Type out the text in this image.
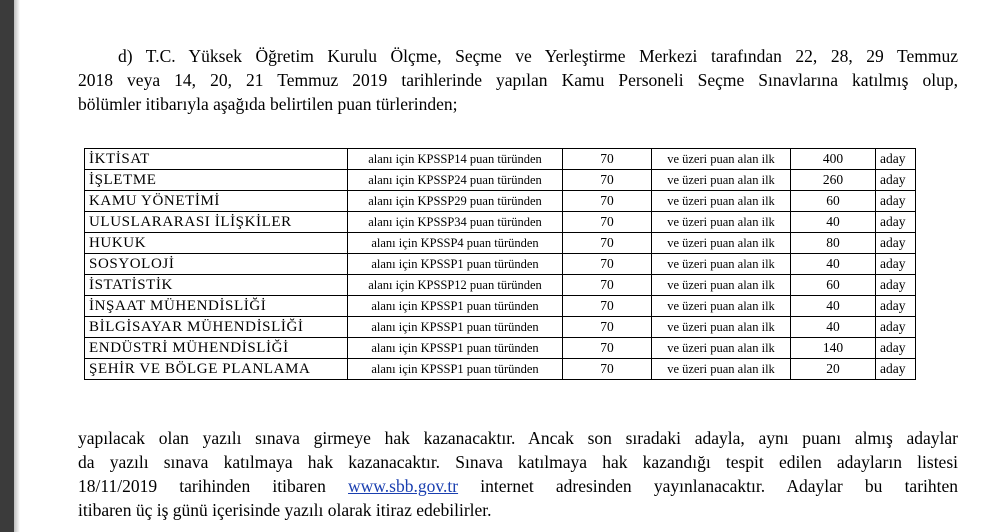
d) T.C. Yüksek Öğretim Kurulu Ölçme, Seçme ve Yerleştirme Merkezi tarafından 22, 28, 29 Temmuz
2018 veya 14, 20, 21 Temmuz 2019 tarihlerinde yapılan Kamu Personeli Seçme Sınavlarına katılmış olup,
bölümler itibarıyla aşağıda belirtilen puan türlerinden;
İKTİSAT	alanı için KPSSP14 puan türünden	70	ve üzeri puan alan ilk	400	aday
İŞLETME	alanı için KPSSP24 puan türünden	70	ve üzeri puan alan ilk	260	aday
KAMU YÖNETİMİ	alanı için KPSSP29 puan türünden	70	ve üzeri puan alan ilk	60	aday
ULUSLARARASI İLİŞKİLER	alanı için KPSSP34 puan türünden	70	ve üzeri puan alan ilk	40	aday
HUKUK	alanı için KPSSP4 puan türünden	70	ve üzeri puan alan ilk	80	aday
SOSYOLOJİ	alanı için KPSSP1 puan türünden	70	ve üzeri puan alan ilk	40	aday
İSTATİSTİK	alanı için KPSSP12 puan türünden	70	ve üzeri puan alan ilk	60	aday
İNŞAAT MÜHENDİSLİĞİ	alanı için KPSSP1 puan türünden	70	ve üzeri puan alan ilk	40	aday
BİLGİSAYAR MÜHENDİSLİĞİ	alanı için KPSSP1 puan türünden	70	ve üzeri puan alan ilk	40	aday
ENDÜSTRİ MÜHENDİSLİĞİ	alanı için KPSSP1 puan türünden	70	ve üzeri puan alan ilk	140	aday
ŞEHİR VE BÖLGE PLANLAMA	alanı için KPSSP1 puan türünden	70	ve üzeri puan alan ilk	20	aday
yapılacak olan yazılı sınava girmeye hak kazanacaktır. Ancak son sıradaki adayla, aynı puanı almış adaylar
da yazılı sınava katılmaya hak kazanacaktır. Sınava katılmaya hak kazandığı tespit edilen adayların listesi
18/11/2019 tarihinden itibaren www.sbb.gov.tr internet adresinden yayınlanacaktır. Adaylar bu tarihten
itibaren üç iş günü içerisinde yazılı olarak itiraz edebilirler.
